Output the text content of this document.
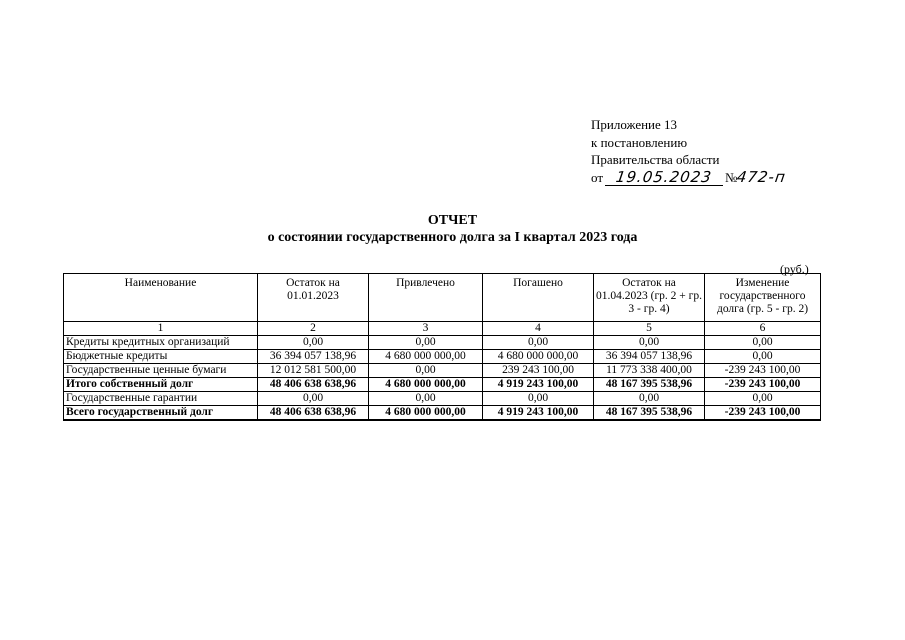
Приложение 13
к постановлению
Правительства области
от 19.05.2023 №472-п
ОТЧЕТ
о состоянии государственного долга за I квартал 2023 года
(руб.)
Наименование	Остаток на 01.01.2023	Привлечено	Погашено	Остаток на 01.04.2023 (гр. 2 + гр. 3 - гр. 4)	Изменение государственного долга (гр. 5 - гр. 2)
1	2	3	4	5	6
Кредиты кредитных организаций	0,00	0,00	0,00	0,00	0,00
Бюджетные кредиты	36 394 057 138,96	4 680 000 000,00	4 680 000 000,00	36 394 057 138,96	0,00
Государственные ценные бумаги	12 012 581 500,00	0,00	239 243 100,00	11 773 338 400,00	-239 243 100,00
Итого собственный долг	48 406 638 638,96	4 680 000 000,00	4 919 243 100,00	48 167 395 538,96	-239 243 100,00
Государственные гарантии	0,00	0,00	0,00	0,00	0,00
Всего государственный долг	48 406 638 638,96	4 680 000 000,00	4 919 243 100,00	48 167 395 538,96	-239 243 100,00
